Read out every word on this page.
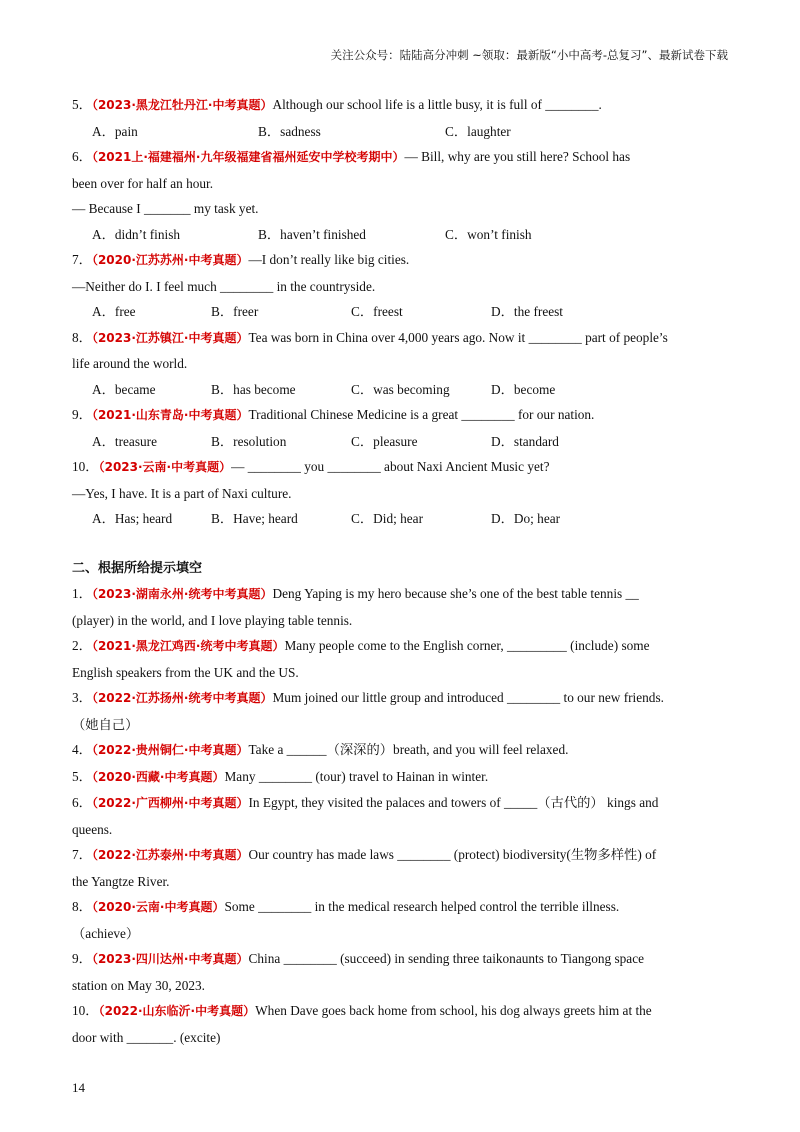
关注公众号：陆陆高分冲刺 ~领取：最新版“小中高考-总复习”、最新试卷下载
5．（2023·黑龙江牡丹江·中考真题）Although our school life is a little busy, it is full of ________.
A．pain	B．sadness	C．laughter
6．（2021上·福建福州·九年级福建省福州延安中学校考期中）— Bill, why are you still here? School has
been over for half an hour.
— Because I _______ my task yet.
A．didn’t finish	B．haven’t finished	C．won’t finish
7．（2020·江苏苏州·中考真题）—I don’t really like big cities.
—Neither do I. I feel much ________ in the countryside.
A．free	B．freer	C．freest	D．the freest
8．（2023·江苏镇江·中考真题）Tea was born in China over 4,000 years ago. Now it ________ part of people’s
life around the world.
A．became	B．has become	C．was becoming	D．become
9．（2021·山东青岛·中考真题）Traditional Chinese Medicine is a great ________ for our nation.
A．treasure	B．resolution	C．pleasure	D．standard
10．（2023·云南·中考真题）— ________ you ________ about Naxi Ancient Music yet?
—Yes, I have. It is a part of Naxi culture.
A．Has; heard	B．Have; heard	C．Did; hear	D．Do; hear
二、根据所给提示填空
1．（2023·湖南永州·统考中考真题）Deng Yaping is my hero because she’s one of the best table tennis __
(player) in the world, and I love playing table tennis.
2．（2021·黑龙江鸡西·统考中考真题）Many people come to the English corner, _________ (include) some
English speakers from the UK and the US.
3．（2022·江苏扬州·统考中考真题）Mum joined our little group and introduced ________ to our new friends.
（她自己）
4．（2022·贵州铜仁·中考真题）Take a ______（深深的）breath, and you will feel relaxed.
5．（2020·西藏·中考真题）Many ________ (tour) travel to Hainan in winter.
6．（2022·广西柳州·中考真题）In Egypt, they visited the palaces and towers of _____（古代的） kings and
queens.
7．（2022·江苏泰州·中考真题）Our country has made laws ________ (protect) biodiversity(生物多样性) of
the Yangtze River.
8．（2020·云南·中考真题）Some ________ in the medical research helped control the terrible illness.
（achieve）
9．（2023·四川达州·中考真题）China ________ (succeed) in sending three taikonaunts to Tiangong space
station on May 30, 2023.
10．（2022·山东临沂·中考真题）When Dave goes back home from school, his dog always greets him at the
door with _______. (excite)
14
